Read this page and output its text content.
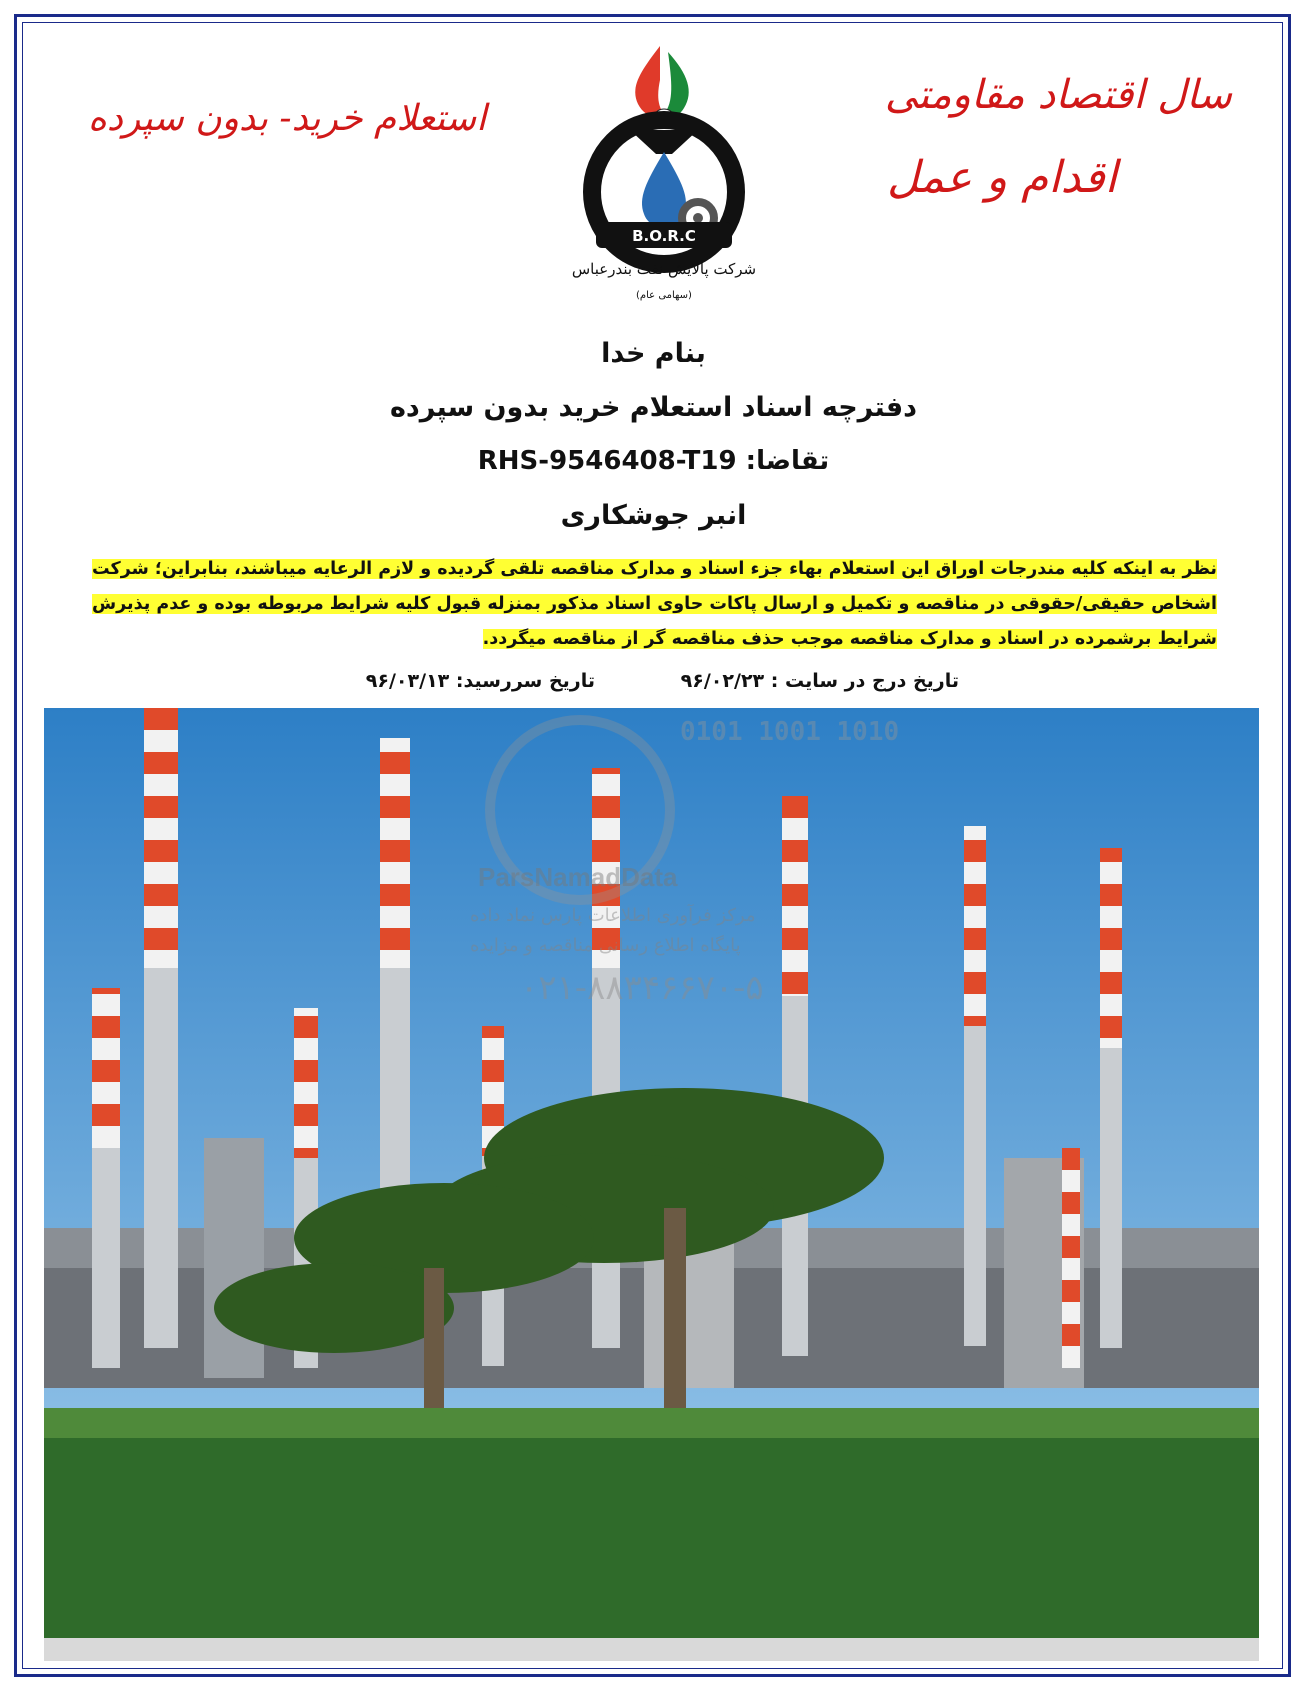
سال اقتصاد مقاومتی
اقدام و عمل
استعلام خرید- بدون سپرده
B.O.R.C
شرکت پالایش نفت بندرعباس
(سهامی عام)
بنام خدا
دفترچه اسناد استعلام خرید بدون سپرده
تقاضا: RHS-9546408-T19
انبر جوشکاری
نظر به اینکه کلیه مندرجات اوراق این استعلام بهاء جزء اسناد و مدارک مناقصه تلقی گردیده و لازم الرعایه میباشند، بنابراین؛ شرکت اشخاص حقیقی/حقوقی در مناقصه و تکمیل و ارسال پاکات حاوی اسناد مذکور بمنزله قبول کلیه شرایط مربوطه بوده و عدم پذیرش شرایط برشمرده در اسناد و مدارک مناقصه موجب حذف مناقصه گر از مناقصه میگردد.
تاریخ درج در سایت : ۹۶/۰۲/۲۳
تاریخ سررسید: ۹۶/۰۳/۱۳
0101 1001 1010
ParsNamadData
مرکز فرآوری اطلاعات پارس نماد داده
پایگاه اطلاع رسانی مناقصه و مزایده
۰۲۱-۸۸۳۴۶۶۷۰-۵
